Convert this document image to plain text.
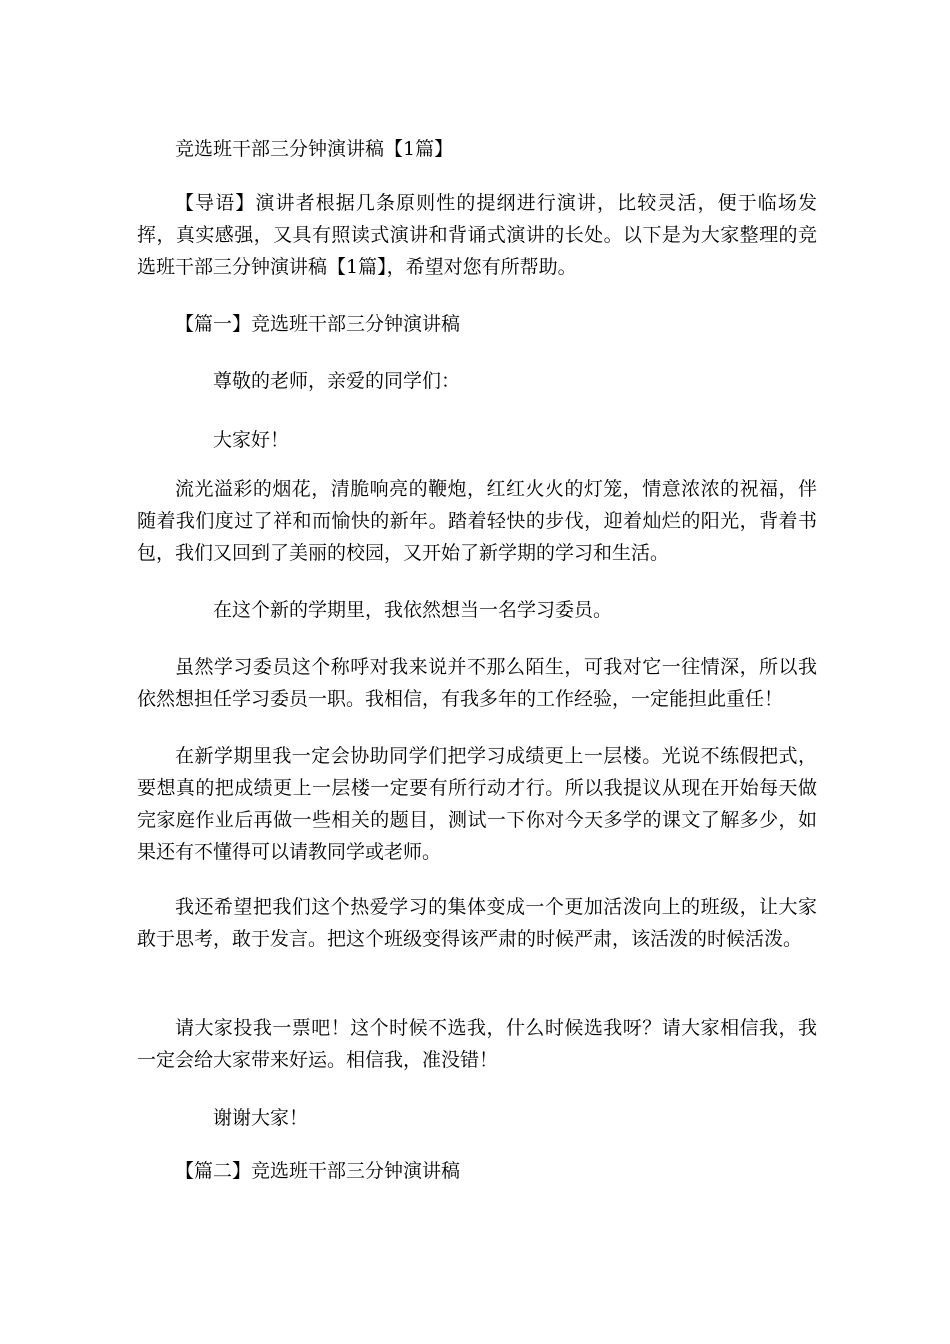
竞选班干部三分钟演讲稿【1篇】

【导语】演讲者根据几条原则性的提纲进行演讲，比较灵活，便于临场发挥，真实感强，又具有照读式演讲和背诵式演讲的长处。以下是为大家整理的竞选班干部三分钟演讲稿【1篇】，希望对您有所帮助。

【篇一】竞选班干部三分钟演讲稿

尊敬的老师，亲爱的同学们：

大家好！

流光溢彩的烟花，清脆响亮的鞭炮，红红火火的灯笼，情意浓浓的祝福，伴随着我们度过了祥和而愉快的新年。踏着轻快的步伐，迎着灿烂的阳光，背着书包，我们又回到了美丽的校园，又开始了新学期的学习和生活。

在这个新的学期里，我依然想当一名学习委员。

虽然学习委员这个称呼对我来说并不那么陌生，可我对它一往情深，所以我依然想担任学习委员一职。我相信，有我多年的工作经验，一定能担此重任！

在新学期里我一定会协助同学们把学习成绩更上一层楼。光说不练假把式，要想真的把成绩更上一层楼一定要有所行动才行。所以我提议从现在开始每天做完家庭作业后再做一些相关的题目，测试一下你对今天多学的课文了解多少，如果还有不懂得可以请教同学或老师。

我还希望把我们这个热爱学习的集体变成一个更加活泼向上的班级，让大家敢于思考，敢于发言。把这个班级变得该严肃的时候严肃，该活泼的时候活泼。

请大家投我一票吧！这个时候不选我，什么时候选我呀？请大家相信我，我一定会给大家带来好运。相信我，准没错！

谢谢大家！

【篇二】竞选班干部三分钟演讲稿
